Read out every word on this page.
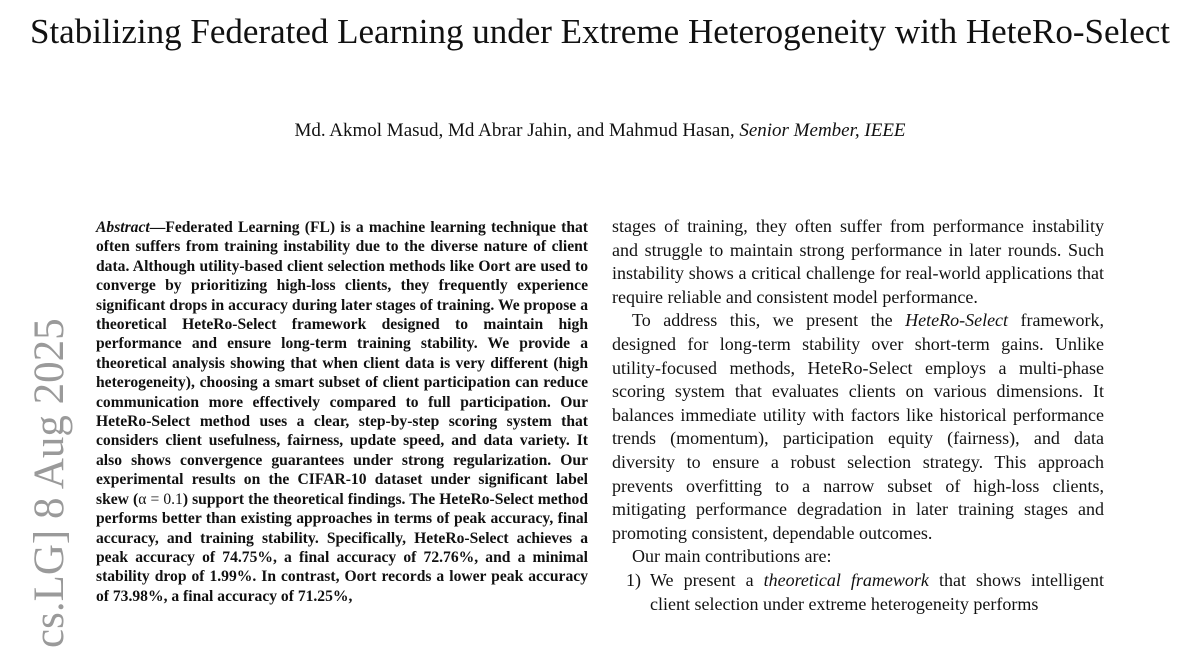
Stabilizing Federated Learning under Extreme Heterogeneity with HeteRo-Select
Md. Akmol Masud, Md Abrar Jahin, and Mahmud Hasan, Senior Member, IEEE
cs.LG] 8 Aug 2025
Abstract—Federated Learning (FL) is a machine learning technique that often suffers from training instability due to the diverse nature of client data. Although utility-based client selection methods like Oort are used to converge by prioritizing high-loss clients, they frequently experience significant drops in accuracy during later stages of training. We propose a theoretical HeteRo-Select framework designed to maintain high performance and ensure long-term training stability. We provide a theoretical analysis showing that when client data is very different (high heterogeneity), choosing a smart subset of client participation can reduce communication more effectively compared to full participation. Our HeteRo-Select method uses a clear, step-by-step scoring system that considers client usefulness, fairness, update speed, and data variety. It also shows convergence guarantees under strong regularization. Our experimental results on the CIFAR-10 dataset under significant label skew (α = 0.1) support the theoretical findings. The HeteRo-Select method performs better than existing approaches in terms of peak accuracy, final accuracy, and training stability. Specifically, HeteRo-Select achieves a peak accuracy of 74.75%, a final accuracy of 72.76%, and a minimal stability drop of 1.99%. In contrast, Oort records a lower peak accuracy of 73.98%, a final accuracy of 71.25%,

stages of training, they often suffer from performance instability and struggle to maintain strong performance in later rounds. Such instability shows a critical challenge for real-world applications that require reliable and consistent model performance.

To address this, we present the HeteRo-Select framework, designed for long-term stability over short-term gains. Unlike utility-focused methods, HeteRo-Select employs a multi-phase scoring system that evaluates clients on various dimensions. It balances immediate utility with factors like historical performance trends (momentum), participation equity (fairness), and data diversity to ensure a robust selection strategy. This approach prevents overfitting to a narrow subset of high-loss clients, mitigating performance degradation in later training stages and promoting consistent, dependable outcomes.

Our main contributions are:

1) We present a theoretical framework that shows intelligent client selection under extreme heterogeneity performs
